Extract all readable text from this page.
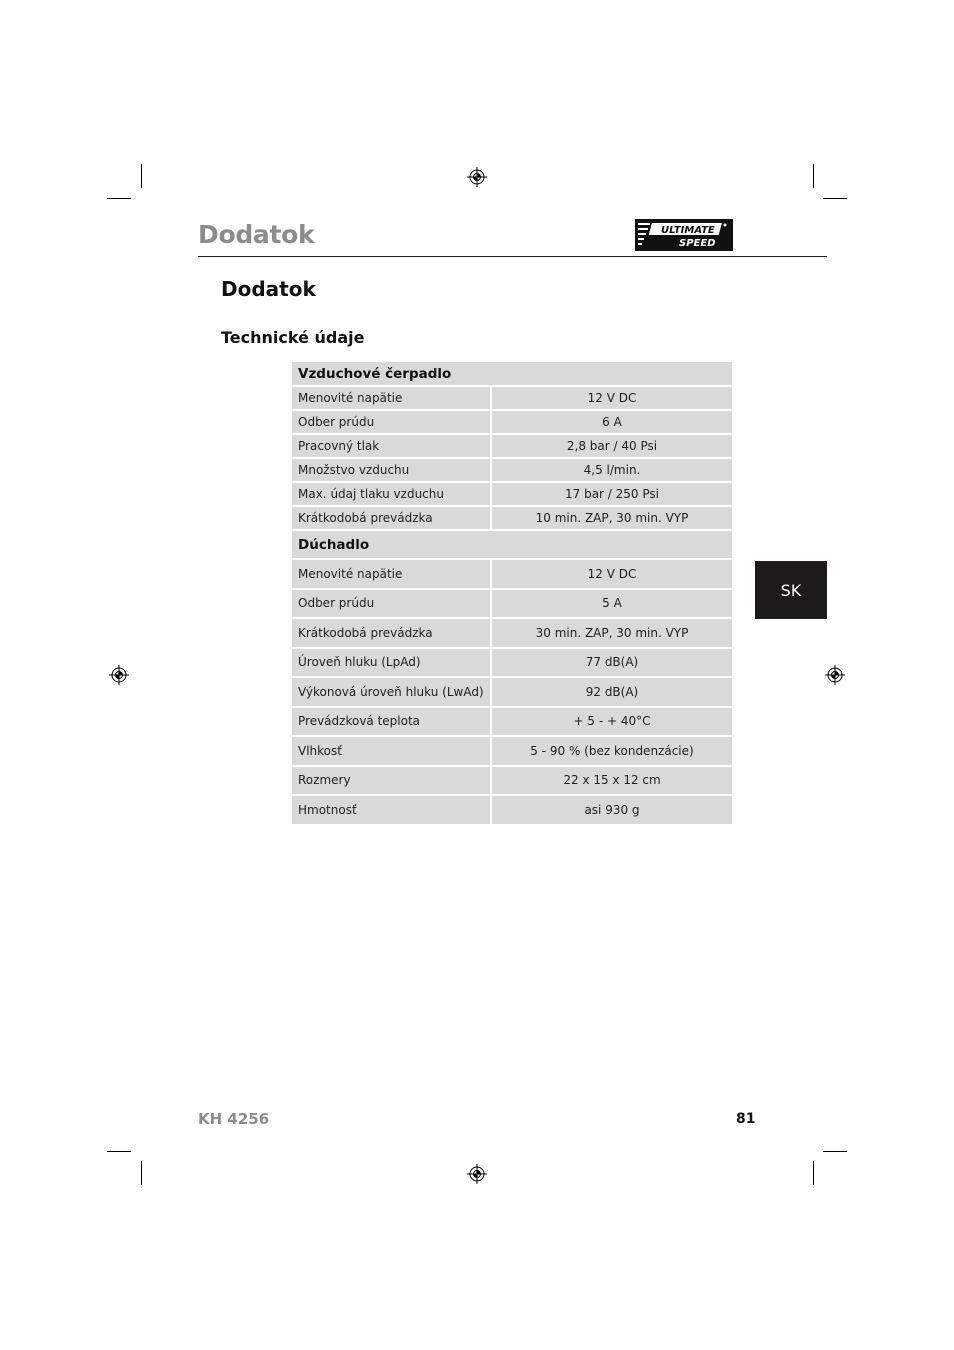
Dodatok	ULTIMATE
SPEED
Dodatok
Technické údaje
Vzduchové čerpadlo	
Menovité napätie	12 V DC
Odber prúdu	6 A
Pracovný tlak	2,8 bar / 40 Psi
Množstvo vzduchu	4,5 l/min.
Max. údaj tlaku vzduchu	17 bar / 250 Psi
Krátkodobá prevádzka	10 min. ZAP, 30 min. VYP
Dúchadlo	
Menovité napätie	12 V DC
Odber prúdu	5 A
Krátkodobá prevádzka	30 min. ZAP, 30 min. VYP
Úroveň hluku (LpAd)	77 dB(A)
Výkonová úroveň hluku (LwAd)	92 dB(A)
Prevádzková teplota	+ 5 - + 40°C
Vlhkosť	5 - 90 % (bez kondenzácie)
Rozmery	22 x 15 x 12 cm
Hmotnosť	asi 930 g
SK
KH 4256	81
